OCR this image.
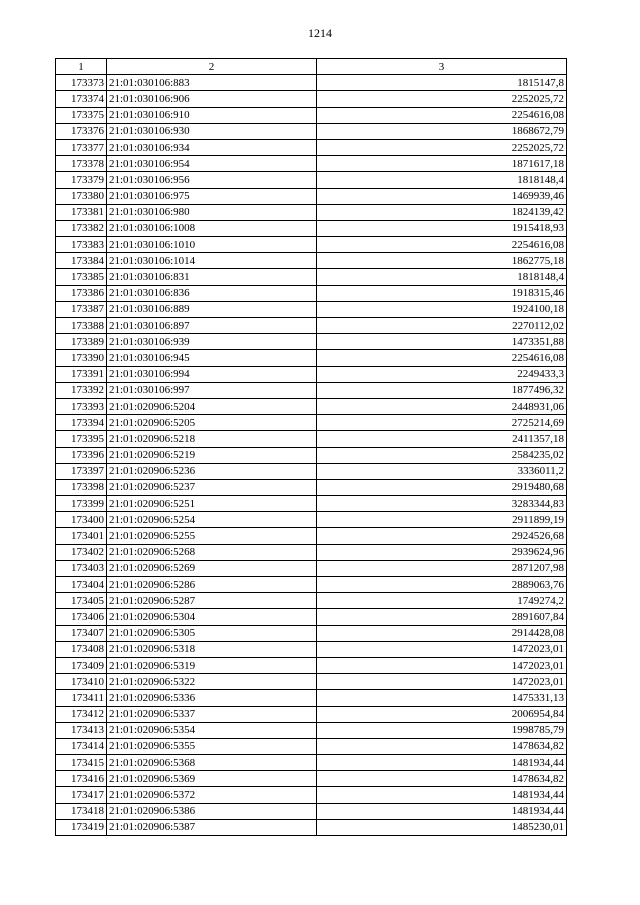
1214
1	2	3
173373	21:01:030106:883	1815147,8
173374	21:01:030106:906	2252025,72
173375	21:01:030106:910	2254616,08
173376	21:01:030106:930	1868672,79
173377	21:01:030106:934	2252025,72
173378	21:01:030106:954	1871617,18
173379	21:01:030106:956	1818148,4
173380	21:01:030106:975	1469939,46
173381	21:01:030106:980	1824139,42
173382	21:01:030106:1008	1915418,93
173383	21:01:030106:1010	2254616,08
173384	21:01:030106:1014	1862775,18
173385	21:01:030106:831	1818148,4
173386	21:01:030106:836	1918315,46
173387	21:01:030106:889	1924100,18
173388	21:01:030106:897	2270112,02
173389	21:01:030106:939	1473351,88
173390	21:01:030106:945	2254616,08
173391	21:01:030106:994	2249433,3
173392	21:01:030106:997	1877496,32
173393	21:01:020906:5204	2448931,06
173394	21:01:020906:5205	2725214,69
173395	21:01:020906:5218	2411357,18
173396	21:01:020906:5219	2584235,02
173397	21:01:020906:5236	3336011,2
173398	21:01:020906:5237	2919480,68
173399	21:01:020906:5251	3283344,83
173400	21:01:020906:5254	2911899,19
173401	21:01:020906:5255	2924526,68
173402	21:01:020906:5268	2939624,96
173403	21:01:020906:5269	2871207,98
173404	21:01:020906:5286	2889063,76
173405	21:01:020906:5287	1749274,2
173406	21:01:020906:5304	2891607,84
173407	21:01:020906:5305	2914428,08
173408	21:01:020906:5318	1472023,01
173409	21:01:020906:5319	1472023,01
173410	21:01:020906:5322	1472023,01
173411	21:01:020906:5336	1475331,13
173412	21:01:020906:5337	2006954,84
173413	21:01:020906:5354	1998785,79
173414	21:01:020906:5355	1478634,82
173415	21:01:020906:5368	1481934,44
173416	21:01:020906:5369	1478634,82
173417	21:01:020906:5372	1481934,44
173418	21:01:020906:5386	1481934,44
173419	21:01:020906:5387	1485230,01
